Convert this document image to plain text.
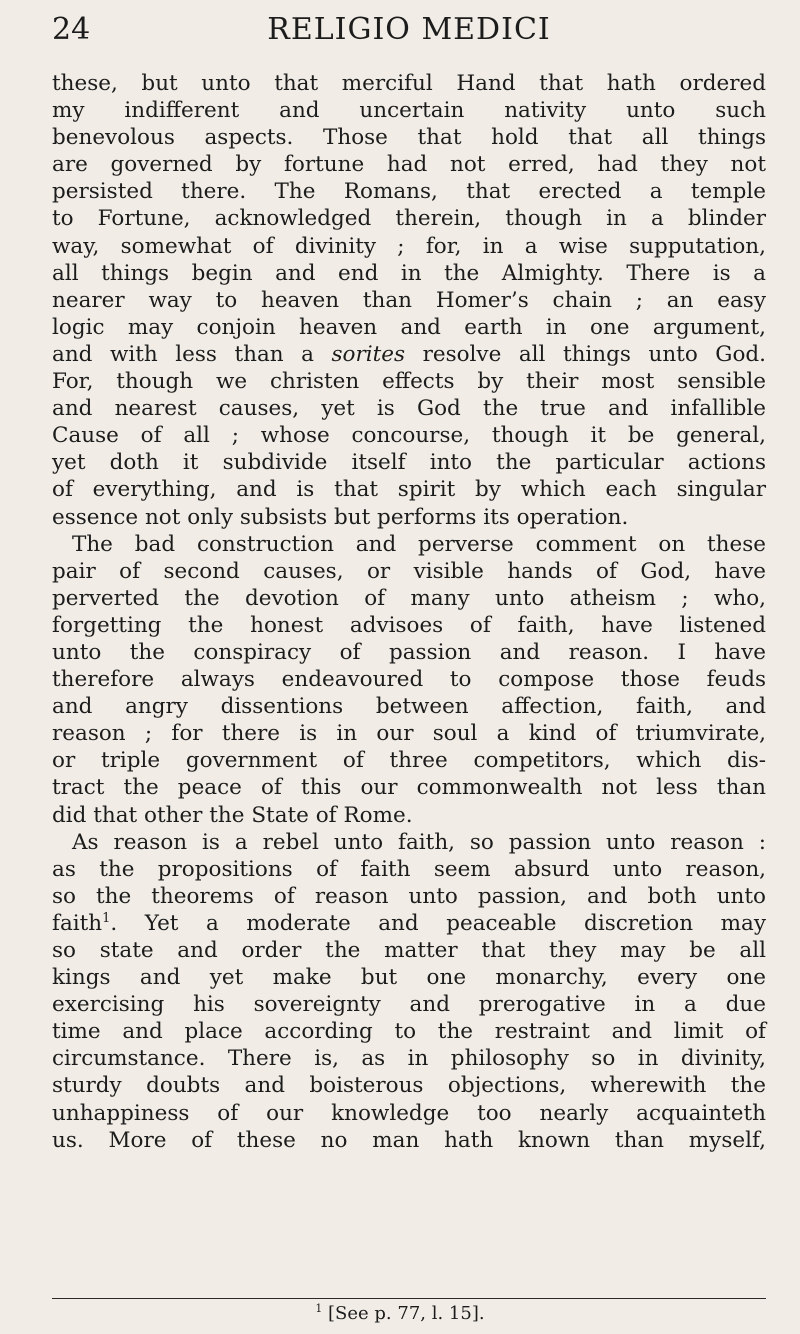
24	RELIGIO MEDICI
these, but unto that merciful Hand that hath ordered
my indifferent and uncertain nativity unto such
benevolous aspects. Those that hold that all things
are governed by fortune had not erred, had they not
persisted there. The Romans, that erected a temple
to Fortune, acknowledged therein, though in a blinder
way, somewhat of divinity ; for, in a wise supputation,
all things begin and end in the Almighty. There is a
nearer way to heaven than Homer’s chain ; an easy
logic may conjoin heaven and earth in one argument,
and with less than a sorites resolve all things unto God.
For, though we christen effects by their most sensible
and nearest causes, yet is God the true and infallible
Cause of all ; whose concourse, though it be general,
yet doth it subdivide itself into the particular actions
of everything, and is that spirit by which each singular
essence not only subsists but performs its operation.
The bad construction and perverse comment on these
pair of second causes, or visible hands of God, have
perverted the devotion of many unto atheism ; who,
forgetting the honest advisoes of faith, have listened
unto the conspiracy of passion and reason. I have
therefore always endeavoured to compose those feuds
and angry dissentions between affection, faith, and
reason ; for there is in our soul a kind of triumvirate,
or triple government of three competitors, which dis-
tract the peace of this our commonwealth not less than
did that other the State of Rome.
As reason is a rebel unto faith, so passion unto reason :
as the propositions of faith seem absurd unto reason,
so the theorems of reason unto passion, and both unto
faith$^1$. Yet a moderate and peaceable discretion may
so state and order the matter that they may be all
kings and yet make but one monarchy, every one
exercising his sovereignty and prerogative in a due
time and place according to the restraint and limit of
circumstance. There is, as in philosophy so in divinity,
sturdy doubts and boisterous objections, wherewith the
unhappiness of our knowledge too nearly acquainteth
us. More of these no man hath known than myself,
$^1$ [See p. 77, l. 15].
